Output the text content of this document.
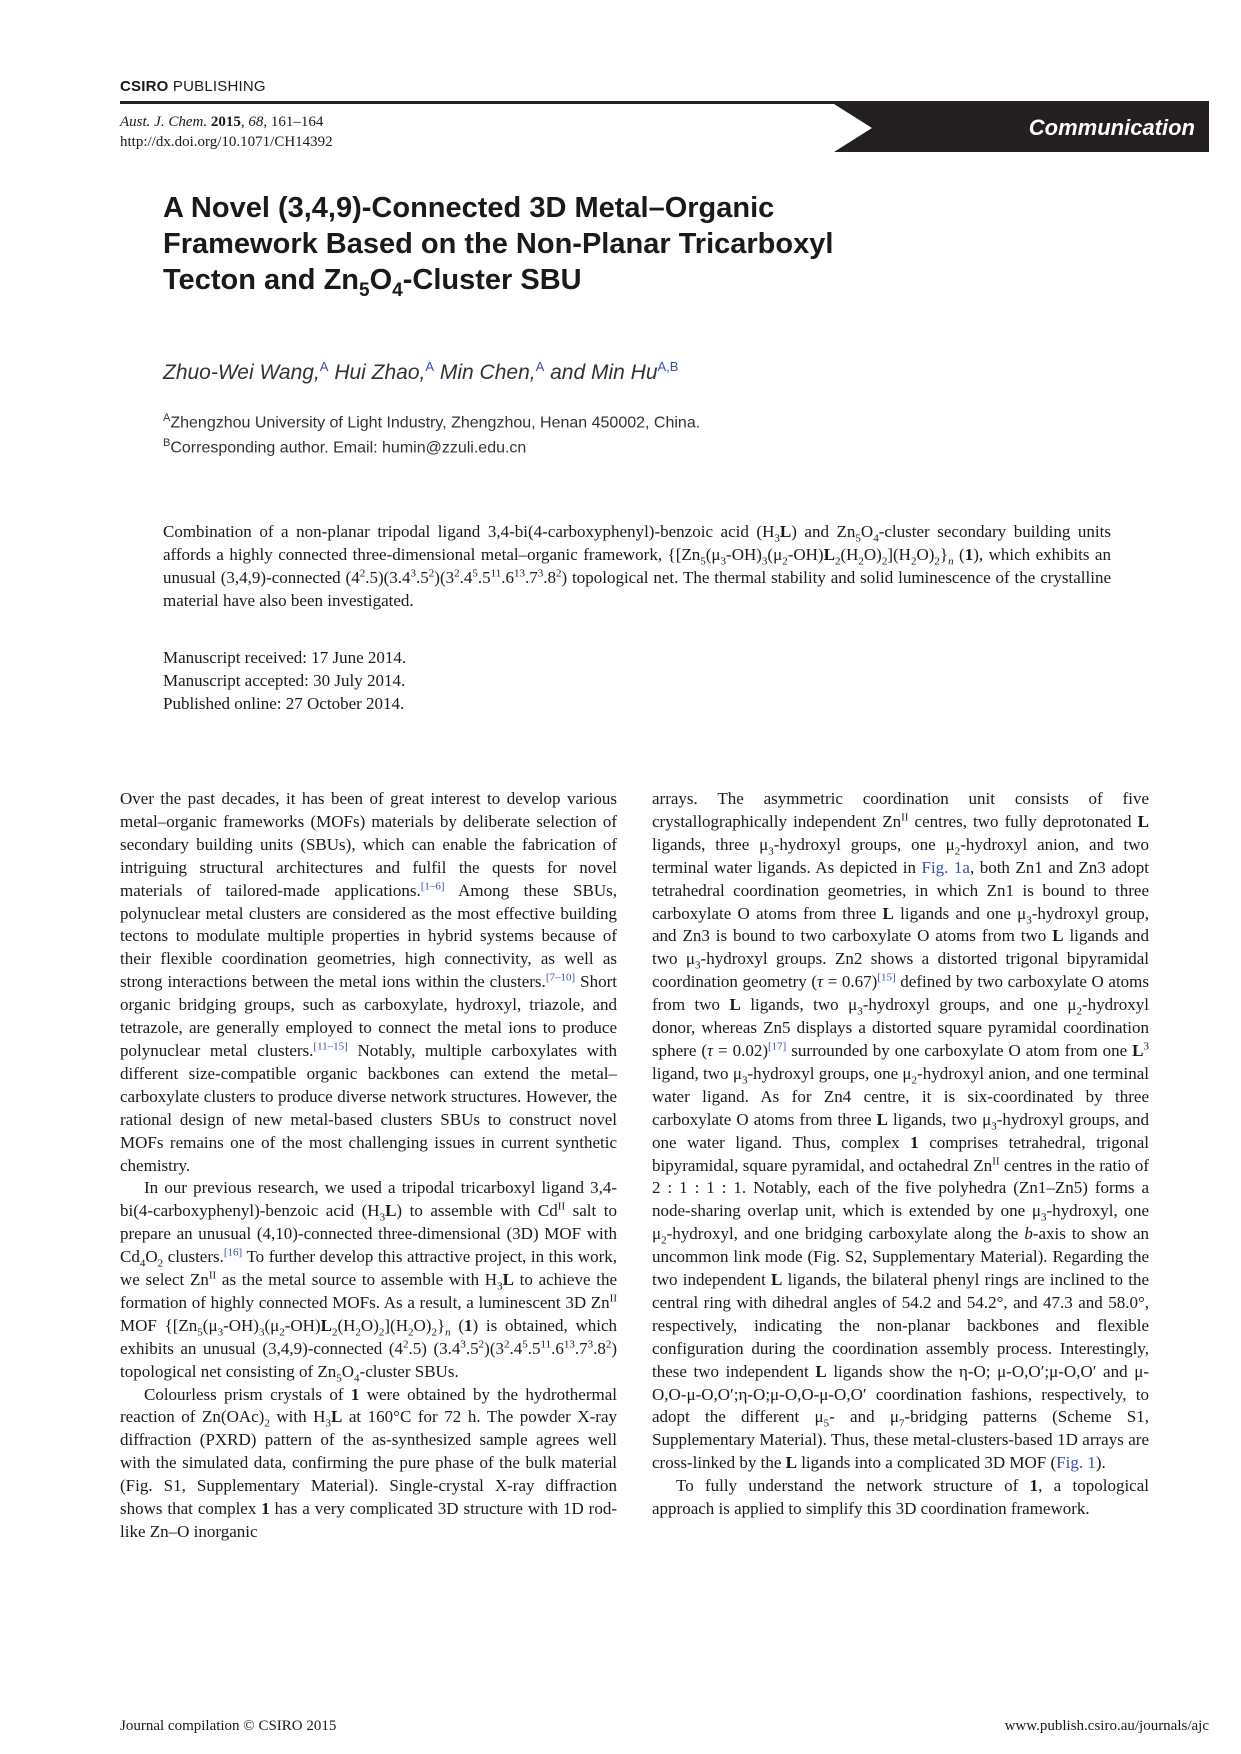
CSIRO PUBLISHING
Aust. J. Chem. 2015, 68, 161–164
http://dx.doi.org/10.1071/CH14392
Communication
A Novel (3,4,9)-Connected 3D Metal–Organic
Framework Based on the Non-Planar Tricarboxyl
Tecton and $Zn_5O_4$-Cluster SBU
Zhuo-Wei Wang,$^A$ Hui Zhao,$^A$ Min Chen,$^A$ and Min $Hu^{A,B}$
$^A$Zhengzhou University of Light Industry, Zhengzhou, Henan 450002, China.
$^B$Corresponding author. Email: humin@zzuli.edu.cn
Combination of a non-planar tripodal ligand 3,4-bi(4-carboxyphenyl)-benzoic acid $(H_3L)$ and $Zn_5O_4$-cluster secondary building units affords a highly connected three-dimensional metal–organic framework, $\{[Zn_5(\mu_3-OH)_3(\mu_2-OH)L_2(H_2O)_2](H_2O)_2\}_n$ (1), which exhibits an unusual (3,4,9)-connected $(4^2.5)(3.4^3.5^2)(3^2.4^5.5^{11}.6^{13}.7^3.8^2)$ topological net. The thermal stability and solid luminescence of the crystalline material have also been investigated.
Manuscript received: 17 June 2014.
Manuscript accepted: 30 July 2014.
Published online: 27 October 2014.

Over the past decades, it has been of great interest to develop various metal–organic frameworks (MOFs) materials by deliberate selection of secondary building units (SBUs), which can enable the fabrication of intriguing structural architectures and fulfil the quests for novel materials of tailored-made applications.[1–6] Among these SBUs, polynuclear metal clusters are considered as the most effective building tectons to modulate multiple properties in hybrid systems because of their flexible coordination geometries, high connectivity, as well as strong interactions between the metal ions within the clusters.[7–10] Short organic bridging groups, such as carboxylate, hydroxyl, triazole, and tetrazole, are generally employed to connect the metal ions to produce polynuclear metal clusters.[11–15] Notably, multiple carboxylates with different size-compatible organic backbones can extend the metal–carboxylate clusters to produce diverse network structures. However, the rational design of new metal-based clusters SBUs to construct novel MOFs remains one of the most challenging issues in current synthetic chemistry.

In our previous research, we used a tripodal tricarboxyl ligand 3,4-bi(4-carboxyphenyl)-benzoic acid $(H_3L)$ to assemble with $Cd^{II}$ salt to prepare an unusual (4,10)-connected three-dimensional (3D) MOF with $Cd_4O_2$ clusters.[16] To further develop this attractive project, in this work, we select $Zn^{II}$ as the metal source to assemble with $H_3L$ to achieve the formation of highly connected MOFs. As a result, a luminescent 3D $Zn^{II}$ MOF $\{[Zn_5(\mu_3-OH)_3(\mu_2-OH)L_2(H_2O)_2](H_2O)_2\}_n$ (1) is obtained, which exhibits an unusual (3,4,9)-connected $(4^2.5)$ $(3.4^3.5^2)(3^2.4^5.5^{11}.6^{13}.7^3.8^2)$ topological net consisting of $Zn_5O_4$-cluster SBUs.

Colourless prism crystals of 1 were obtained by the hydrothermal reaction of $Zn(OAc)_2$ with $H_3L$ at 160°C for 72 h. The powder X-ray diffraction (PXRD) pattern of the as-synthesized sample agrees well with the simulated data, confirming the pure phase of the bulk material (Fig. S1, Supplementary Material). Single-crystal X-ray diffraction shows that complex 1 has a very complicated 3D structure with 1D rod-like Zn–O inorganic

arrays. The asymmetric coordination unit consists of five crystallographically independent $Zn^{II}$ centres, two fully deprotonated L ligands, three $\mu_3$-hydroxyl groups, one $\mu_2$-hydroxyl anion, and two terminal water ligands. As depicted in Fig. 1a, both Zn1 and Zn3 adopt tetrahedral coordination geometries, in which Zn1 is bound to three carboxylate O atoms from three L ligands and one $\mu_3$-hydroxyl group, and Zn3 is bound to two carboxylate O atoms from two L ligands and two $\mu_3$-hydroxyl groups. Zn2 shows a distorted trigonal bipyramidal coordination geometry (τ = 0.67)[15] defined by two carboxylate O atoms from two L ligands, two $\mu_3$-hydroxyl groups, and one $\mu_2$-hydroxyl donor, whereas Zn5 displays a distorted square pyramidal coordination sphere (τ = 0.02)[17] surrounded by one carboxylate O atom from one $L^3$ ligand, two $\mu_3$-hydroxyl groups, one $\mu_2$-hydroxyl anion, and one terminal water ligand. As for Zn4 centre, it is six-coordinated by three carboxylate O atoms from three L ligands, two $\mu_3$-hydroxyl groups, and one water ligand. Thus, complex 1 comprises tetrahedral, trigonal bipyramidal, square pyramidal, and octahedral $Zn^{II}$ centres in the ratio of 2 : 1 : 1 : 1. Notably, each of the five polyhedra (Zn1–Zn5) forms a node-sharing overlap unit, which is extended by one $\mu_3$-hydroxyl, one $\mu_2$-hydroxyl, and one bridging carboxylate along the b-axis to show an uncommon link mode (Fig. S2, Supplementary Material). Regarding the two independent L ligands, the bilateral phenyl rings are inclined to the central ring with dihedral angles of 54.2 and 54.2°, and 47.3 and 58.0°, respectively, indicating the non-planar backbones and flexible configuration during the coordination assembly process. Interestingly, these two independent L ligands show the η-O; μ-O,O′;μ-O,O′ and μ-O,O-μ-O,O′;η-O;μ-O,O-μ-O,O′ coordination fashions, respectively, to adopt the different $\mu_5-$ and $\mu_7$-bridging patterns (Scheme S1, Supplementary Material). Thus, these metal-clusters-based 1D arrays are cross-linked by the L ligands into a complicated 3D MOF (Fig. 1).

To fully understand the network structure of 1, a topological approach is applied to simplify this 3D coordination framework.

Journal compilation © CSIRO 2015	www.publish.csiro.au/journals/ajc
